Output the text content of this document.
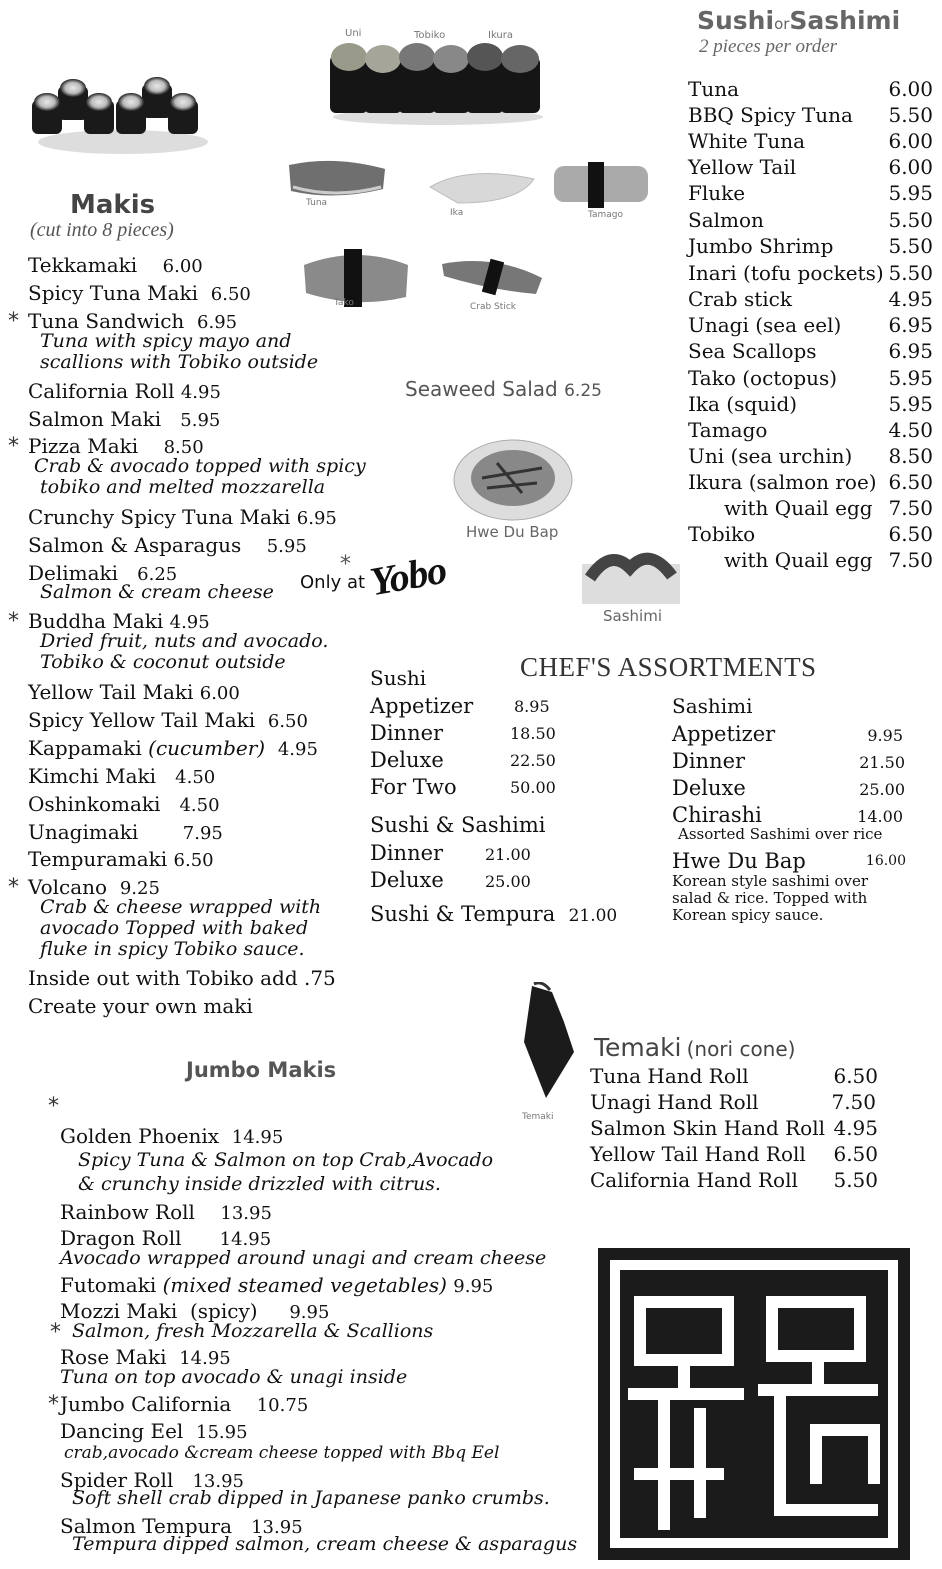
Uni	Tobiko	Ikura
Tuna
Ika	Tamago
Tako	Crab Stick
Seaweed Salad 6.25
Hwe Du Bap
*
Only at Yobo
Sashimi
Temaki
Makis
(cut into 8 pieces)
Tekkamaki 6.00
Spicy Tuna Maki 6.50
* Tuna Sandwich 6.95
Tuna with spicy mayo and
scallions with Tobiko outside
California Roll 4.95
Salmon Maki 5.95
* Pizza Maki 8.50
Crab & avocado topped with spicy
tobiko and melted mozzarella
Crunchy Spicy Tuna Maki 6.95
Salmon & Asparagus 5.95
Delimaki 6.25
Salmon & cream cheese
* Buddha Maki 4.95
Dried fruit, nuts and avocado.
Tobiko & coconut outside
Yellow Tail Maki 6.00
Spicy Yellow Tail Maki 6.50
Kappamaki (cucumber) 4.95
Kimchi Maki 4.50
Oshinkomaki 4.50
Unagimaki 7.95
Tempuramaki 6.50
* Volcano 9.25
Crab & cheese wrapped with
avocado Topped with baked
fluke in spicy Tobiko sauce.
Inside out with Tobiko add .75
Create your own maki
SushiorSashimi
2 pieces per order
Tuna	6.00
BBQ Spicy Tuna 5.50
White Tuna	6.00
Yellow Tail	6.00
Fluke	5.95
Salmon	5.50
Jumbo Shrimp	5.50
Inari (tofu pockets) 5.50
Crab stick	4.95
Unagi (sea eel) 6.95
Sea Scallops	6.95
Tako (octopus)	5.95
Ika (squid)	5.95
Tamago	4.50
Uni (sea urchin) 8.50
Ikura (salmon roe) 6.50
with Quail egg 7.50
Tobiko	6.50
with Quail egg 7.50
CHEF'S ASSORTMENTS
Sushi
Appetizer	8.95
Dinner	18.50
Deluxe	22.50
For Two	50.00
Sushi & Sashimi
Dinner	21.00
Deluxe	25.00
Sushi & Tempura 21.00
Sashimi
Appetizer	9.95
Dinner	21.50
Deluxe	25.00
Chirashi	14.00
Assorted Sashimi over rice
Hwe Du Bap	16.00
Korean style sashimi over
salad & rice. Topped with
Korean spicy sauce.
Temaki (nori cone)
Tuna Hand Roll	6.50
Unagi Hand Roll	7.50
Salmon Skin Hand Roll 4.95
Yellow Tail Hand Roll 6.50
California Hand Roll 5.50
Jumbo Makis
*
Golden Phoenix 14.95
Spicy Tuna & Salmon on top Crab,Avocado
& crunchy inside drizzled with citrus.
Rainbow Roll 13.95
Dragon Roll 14.95
Avocado wrapped around unagi and cream cheese
Futomaki (mixed steamed vegetables) 9.95
Mozzi Maki (spicy) 9.95
* Salmon, fresh Mozzarella & Scallions
Rose Maki 14.95
Tuna on top avocado & unagi inside
* Jumbo California 10.75
Dancing Eel 15.95
crab,avocado &cream cheese topped with Bbq Eel
Spider Roll 13.95
Soft shell crab dipped in Japanese panko crumbs.
Salmon Tempura 13.95
Tempura dipped salmon, cream cheese & asparagus
